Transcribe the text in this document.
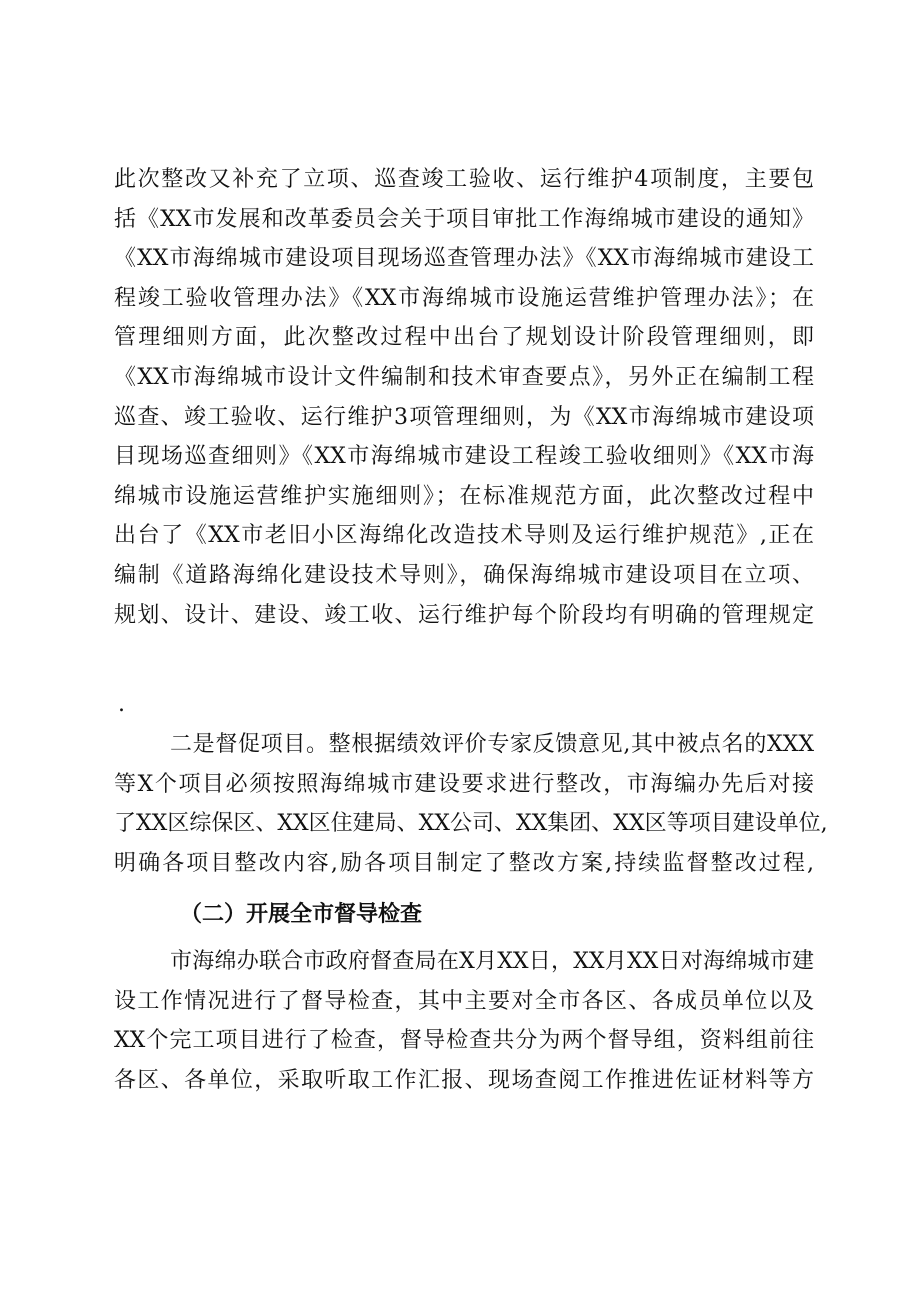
此次整改又补充了立项、巡查竣工验收、运行维护4项制度，主要包
括《XX市发展和改革委员会关于项目审批工作海绵城市建设的通知》
《XX市海绵城市建设项目现场巡查管理办法》《XX市海绵城市建设工
程竣工验收管理办法》《XX市海绵城市设施运营维护管理办法》；在
管理细则方面，此次整改过程中出台了规划设计阶段管理细则，即
《XX市海绵城市设计文件编制和技术审查要点》，另外正在编制工程
巡查、竣工验收、运行维护3项管理细则，为《XX市海绵城市建设项
目现场巡查细则》《XX市海绵城市建设工程竣工验收细则》《XX市海
绵城市设施运营维护实施细则》；在标准规范方面，此次整改过程中
出台了《XX市老旧小区海绵化改造技术导则及运行维护规范》,正在
编制《道路海绵化建设技术导则》，确保海绵城市建设项目在立项、
规划、设计、建设、竣工收、运行维护每个阶段均有明确的管理规定
.
二是督促项目。整根据绩效评价专家反馈意见,其中被点名的XXX
等X个项目必须按照海绵城市建设要求进行整改，市海编办先后对接
了XX区综保区、XX区住建局、XX公司、XX集团、XX区等项目建设单位,
明确各项目整改内容,励各项目制定了整改方案,持续监督整改过程,
（二）开展全市督导检查
市海绵办联合市政府督查局在X月XX日，XX月XX日对海绵城市建
设工作情况进行了督导检查，其中主要对全市各区、各成员单位以及
XX个完工项目进行了检查，督导检查共分为两个督导组，资料组前往
各区、各单位，采取听取工作汇报、现场查阅工作推进佐证材料等方
